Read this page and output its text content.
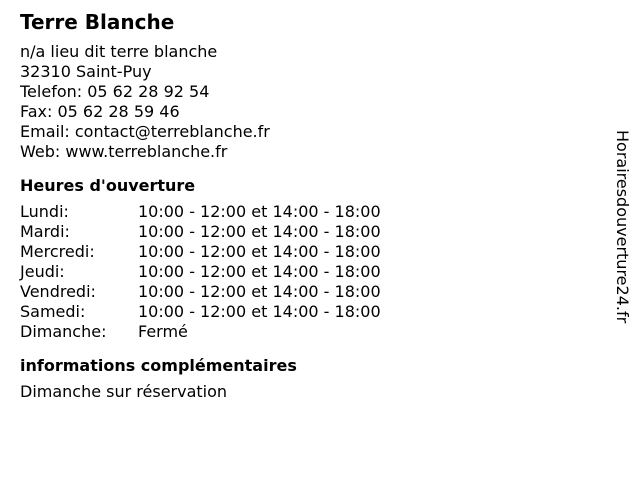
Terre Blanche
n/a lieu dit terre blanche
32310 Saint-Puy
Telefon: 05 62 28 92 54
Fax: 05 62 28 59 46
Email: contact@terreblanche.fr
Web: www.terreblanche.fr
Heures d'ouverture
Lundi:	10:00 - 12:00 et 14:00 - 18:00
Mardi:	10:00 - 12:00 et 14:00 - 18:00
Mercredi:	10:00 - 12:00 et 14:00 - 18:00
Jeudi:	10:00 - 12:00 et 14:00 - 18:00
Vendredi:	10:00 - 12:00 et 14:00 - 18:00
Samedi:	10:00 - 12:00 et 14:00 - 18:00
Dimanche:	Fermé
informations complémentaires
Dimanche sur réservation
Horairesdouverture24.fr
